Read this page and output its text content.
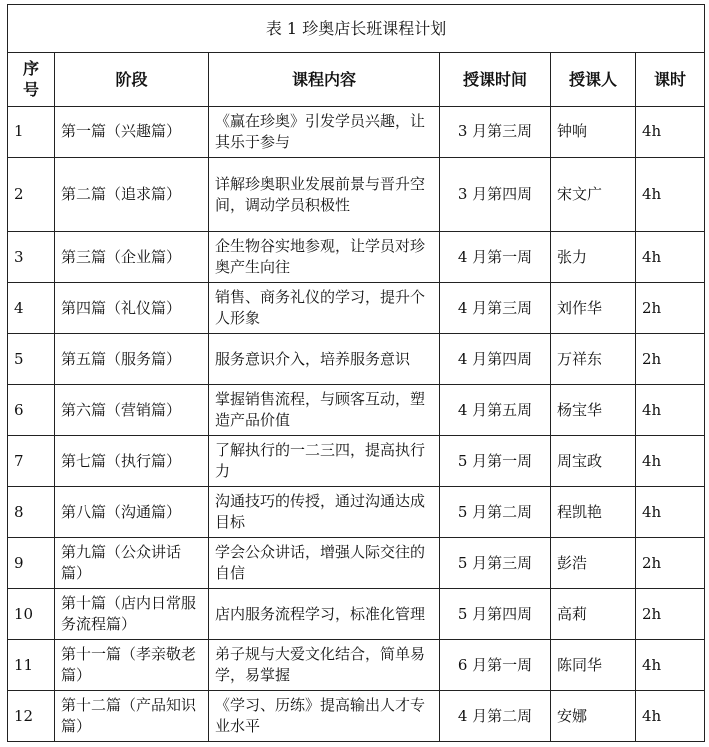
表 1 珍奥店长班课程计划					
序号	阶段	课程内容	授课时间	授课人	课时
1	第一篇（兴趣篇）	《赢在珍奥》引发学员兴趣，让其乐于参与	3 月第三周	钟响	4h
2	第二篇（追求篇）	详解珍奥职业发展前景与晋升空间，调动学员积极性	3 月第四周	宋文广	4h
3	第三篇（企业篇）	企生物谷实地参观，让学员对珍奥产生向往	4 月第一周	张力	4h
4	第四篇（礼仪篇）	销售、商务礼仪的学习，提升个人形象	4 月第三周	刘作华	2h
5	第五篇（服务篇）	服务意识介入，培养服务意识	4 月第四周	万祥东	2h
6	第六篇（营销篇）	掌握销售流程，与顾客互动，塑造产品价值	4 月第五周	杨宝华	4h
7	第七篇（执行篇）	了解执行的一二三四，提高执行力	5 月第一周	周宝政	4h
8	第八篇（沟通篇）	沟通技巧的传授，通过沟通达成目标	5 月第二周	程凯艳	4h
9	第九篇（公众讲话篇）	学会公众讲话，增强人际交往的自信	5 月第三周	彭浩	2h
10	第十篇（店内日常服务流程篇）	店内服务流程学习，标准化管理	5 月第四周	高莉	2h
11	第十一篇（孝亲敬老篇）	弟子规与大爱文化结合，简单易学，易掌握	6 月第一周	陈同华	4h
12	第十二篇（产品知识篇）	《学习、历练》提高输出人才专业水平	4 月第二周	安娜	4h
